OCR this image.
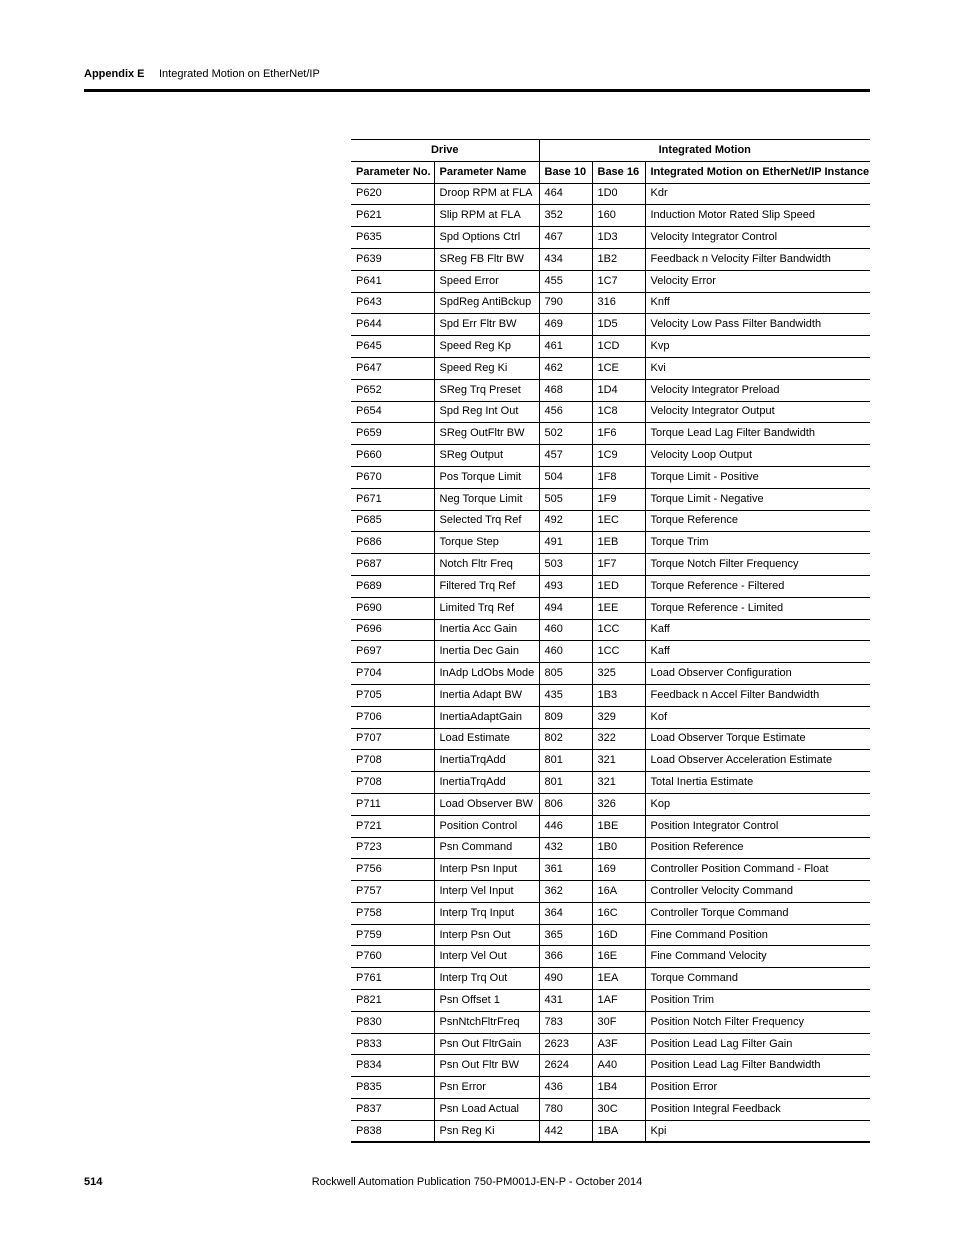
Appendix E Integrated Motion on EtherNet/IP
Drive		Integrated Motion		
Parameter No.	Parameter Name	Base 10	Base 16	Integrated Motion on EtherNet/IP Instance
P620	Droop RPM at FLA	464	1D0	Kdr
P621	Slip RPM at FLA	352	160	Induction Motor Rated Slip Speed
P635	Spd Options Ctrl	467	1D3	Velocity Integrator Control
P639	SReg FB Fltr BW	434	1B2	Feedback n Velocity Filter Bandwidth
P641	Speed Error	455	1C7	Velocity Error
P643	SpdReg AntiBckup	790	316	Knff
P644	Spd Err Fltr BW	469	1D5	Velocity Low Pass Filter Bandwidth
P645	Speed Reg Kp	461	1CD	Kvp
P647	Speed Reg Ki	462	1CE	Kvi
P652	SReg Trq Preset	468	1D4	Velocity Integrator Preload
P654	Spd Reg Int Out	456	1C8	Velocity Integrator Output
P659	SReg OutFltr BW	502	1F6	Torque Lead Lag Filter Bandwidth
P660	SReg Output	457	1C9	Velocity Loop Output
P670	Pos Torque Limit	504	1F8	Torque Limit - Positive
P671	Neg Torque Limit	505	1F9	Torque Limit - Negative
P685	Selected Trq Ref	492	1EC	Torque Reference
P686	Torque Step	491	1EB	Torque Trim
P687	Notch Fltr Freq	503	1F7	Torque Notch Filter Frequency
P689	Filtered Trq Ref	493	1ED	Torque Reference - Filtered
P690	Limited Trq Ref	494	1EE	Torque Reference - Limited
P696	Inertia Acc Gain	460	1CC	Kaff
P697	Inertia Dec Gain	460	1CC	Kaff
P704	InAdp LdObs Mode	805	325	Load Observer Configuration
P705	Inertia Adapt BW	435	1B3	Feedback n Accel Filter Bandwidth
P706	InertiaAdaptGain	809	329	Kof
P707	Load Estimate	802	322	Load Observer Torque Estimate
P708	InertiaTrqAdd	801	321	Load Observer Acceleration Estimate
P708	InertiaTrqAdd	801	321	Total Inertia Estimate
P711	Load Observer BW	806	326	Kop
P721	Position Control	446	1BE	Position Integrator Control
P723	Psn Command	432	1B0	Position Reference
P756	Interp Psn Input	361	169	Controller Position Command - Float
P757	Interp Vel Input	362	16A	Controller Velocity Command
P758	Interp Trq Input	364	16C	Controller Torque Command
P759	Interp Psn Out	365	16D	Fine Command Position
P760	Interp Vel Out	366	16E	Fine Command Velocity
P761	Interp Trq Out	490	1EA	Torque Command
P821	Psn Offset 1	431	1AF	Position Trim
P830	PsnNtchFltrFreq	783	30F	Position Notch Filter Frequency
P833	Psn Out FltrGain	2623	A3F	Position Lead Lag Filter Gain
P834	Psn Out Fltr BW	2624	A40	Position Lead Lag Filter Bandwidth
P835	Psn Error	436	1B4	Position Error
P837	Psn Load Actual	780	30C	Position Integral Feedback
P838	Psn Reg Ki	442	1BA	Kpi
514	Rockwell Automation Publication 750-PM001J-EN-P - October 2014
